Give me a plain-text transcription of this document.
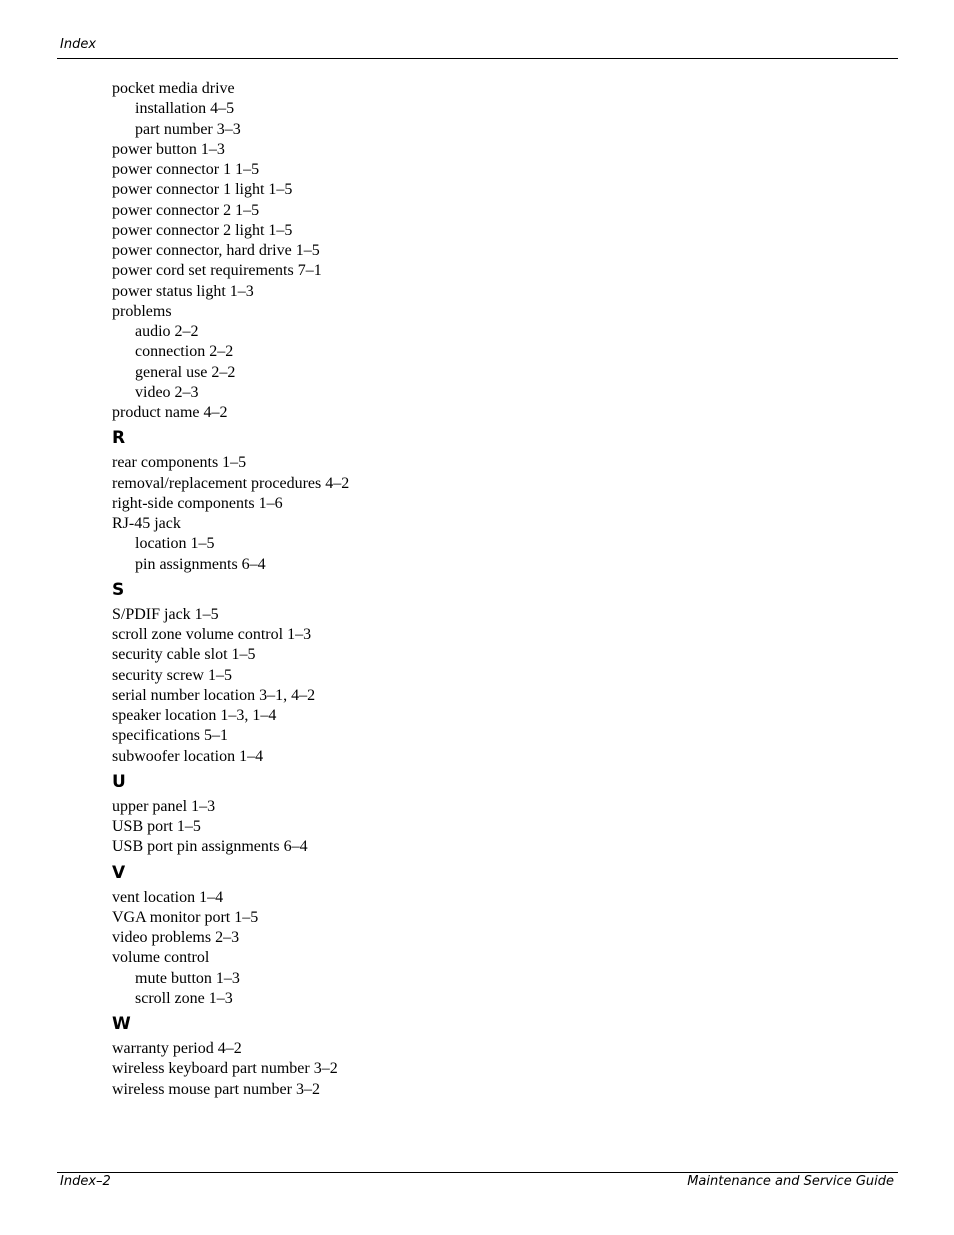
Index
pocket media drive
installation 4–5
part number 3–3
power button 1–3
power connector 1 1–5
power connector 1 light 1–5
power connector 2 1–5
power connector 2 light 1–5
power connector, hard drive 1–5
power cord set requirements 7–1
power status light 1–3
problems
audio 2–2
connection 2–2
general use 2–2
video 2–3
product name 4–2
R
rear components 1–5
removal/replacement procedures 4–2
right-side components 1–6
RJ-45 jack
location 1–5
pin assignments 6–4
S
S/PDIF jack 1–5
scroll zone volume control 1–3
security cable slot 1–5
security screw 1–5
serial number location 3–1, 4–2
speaker location 1–3, 1–4
specifications 5–1
subwoofer location 1–4
U
upper panel 1–3
USB port 1–5
USB port pin assignments 6–4
V
vent location 1–4
VGA monitor port 1–5
video problems 2–3
volume control
mute button 1–3
scroll zone 1–3
W
warranty period 4–2
wireless keyboard part number 3–2
wireless mouse part number 3–2
Index–2	Maintenance and Service Guide
